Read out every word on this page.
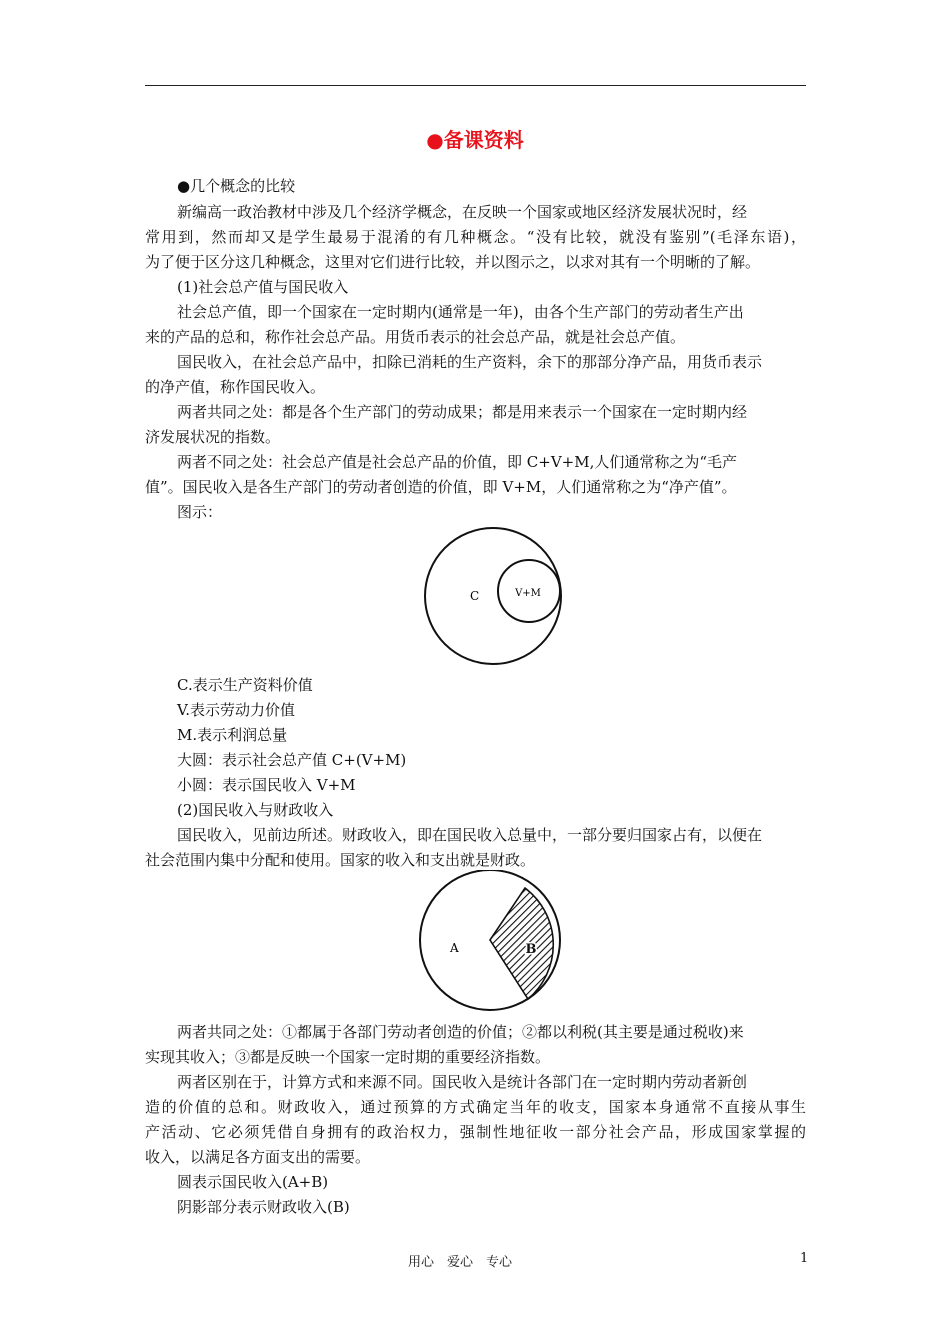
●备课资料
●几个概念的比较
新编高一政治教材中涉及几个经济学概念，在反映一个国家或地区经济发展状况时，经
常用到，然而却又是学生最易于混淆的有几种概念。“没有比较，就没有鉴别”(毛泽东语)，
为了便于区分这几种概念，这里对它们进行比较，并以图示之，以求对其有一个明晰的了解。
(1)社会总产值与国民收入
社会总产值，即一个国家在一定时期内(通常是一年)，由各个生产部门的劳动者生产出
来的产品的总和，称作社会总产品。用货币表示的社会总产品，就是社会总产值。
国民收入，在社会总产品中，扣除已消耗的生产资料，余下的那部分净产品，用货币表示
的净产值，称作国民收入。
两者共同之处：都是各个生产部门的劳动成果；都是用来表示一个国家在一定时期内经
济发展状况的指数。
两者不同之处：社会总产值是社会总产品的价值，即 C+V+M,人们通常称之为“毛产
值”。国民收入是各生产部门的劳动者创造的价值，即 V+M，人们通常称之为“净产值”。
图示：
C	V+M
C.表示生产资料价值
V.表示劳动力价值
M.表示利润总量
大圆：表示社会总产值 C+(V+M)
小圆：表示国民收入 V+M
(2)国民收入与财政收入
国民收入，见前边所述。财政收入，即在国民收入总量中，一部分要归国家占有，以便在
社会范围内集中分配和使用。国家的收入和支出就是财政。
A	B
两者共同之处：①都属于各部门劳动者创造的价值；②都以利税(其主要是通过税收)来
实现其收入；③都是反映一个国家一定时期的重要经济指数。
两者区别在于，计算方式和来源不同。国民收入是统计各部门在一定时期内劳动者新创
造的价值的总和。财政收入，通过预算的方式确定当年的收支，国家本身通常不直接从事生
产活动、它必须凭借自身拥有的政治权力，强制性地征收一部分社会产品，形成国家掌握的
收入，以满足各方面支出的需要。
圆表示国民收入(A+B)
阴影部分表示财政收入(B)
用心　爱心　专心	1
